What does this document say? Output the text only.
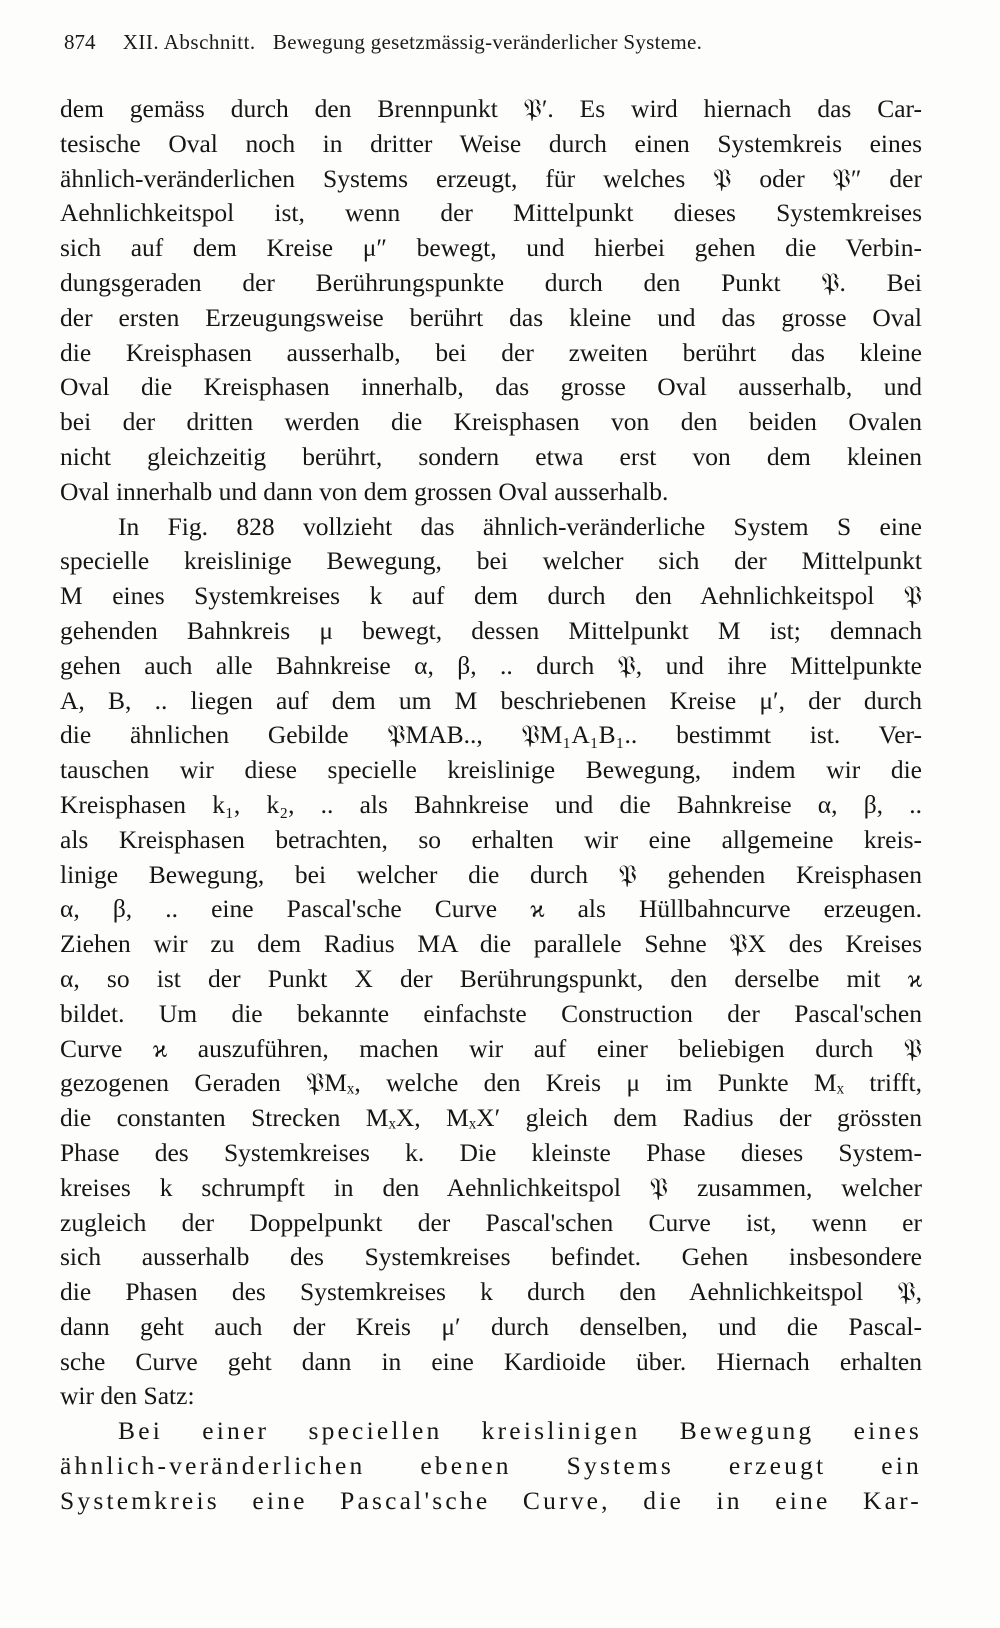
874 XII. Abschnitt. Bewegung gesetzmässig-veränderlicher Systeme.
dem gemäss durch den Brennpunkt 𝔓′. Es wird hiernach das Car-
tesische Oval noch in dritter Weise durch einen Systemkreis eines
ähnlich-veränderlichen Systems erzeugt, für welches 𝔓 oder 𝔓″ der
Aehnlichkeitspol ist, wenn der Mittelpunkt dieses Systemkreises
sich auf dem Kreise μ″ bewegt, und hierbei gehen die Verbin-
dungsgeraden der Berührungspunkte durch den Punkt 𝔓. Bei
der ersten Erzeugungsweise berührt das kleine und das grosse Oval
die Kreisphasen ausserhalb, bei der zweiten berührt das kleine
Oval die Kreisphasen innerhalb, das grosse Oval ausserhalb, und
bei der dritten werden die Kreisphasen von den beiden Ovalen
nicht gleichzeitig berührt, sondern etwa erst von dem kleinen
Oval innerhalb und dann von dem grossen Oval ausserhalb.
In Fig. 828 vollzieht das ähnlich-veränderliche System S eine
specielle kreislinige Bewegung, bei welcher sich der Mittelpunkt
M eines Systemkreises k auf dem durch den Aehnlichkeitspol 𝔓
gehenden Bahnkreis μ bewegt, dessen Mittelpunkt M ist; demnach
gehen auch alle Bahnkreise α, β, .. durch 𝔓, und ihre Mittelpunkte
A, B, .. liegen auf dem um M beschriebenen Kreise μ′, der durch
die ähnlichen Gebilde 𝔓MAB.., 𝔓M₁A₁B₁.. bestimmt ist. Ver-
tauschen wir diese specielle kreislinige Bewegung, indem wir die
Kreisphasen k₁, k₂, .. als Bahnkreise und die Bahnkreise α, β, ..
als Kreisphasen betrachten, so erhalten wir eine allgemeine kreis-
linige Bewegung, bei welcher die durch 𝔓 gehenden Kreisphasen
α, β, .. eine Pascal'sche Curve ϰ als Hüllbahncurve erzeugen.
Ziehen wir zu dem Radius MA die parallele Sehne 𝔓X des Kreises
α, so ist der Punkt X der Berührungspunkt, den derselbe mit ϰ
bildet. Um die bekannte einfachste Construction der Pascal'schen
Curve ϰ auszuführen, machen wir auf einer beliebigen durch 𝔓
gezogenen Geraden 𝔓Mₓ, welche den Kreis μ im Punkte Mₓ trifft,
die constanten Strecken MₓX, MₓX′ gleich dem Radius der grössten
Phase des Systemkreises k. Die kleinste Phase dieses System-
kreises k schrumpft in den Aehnlichkeitspol 𝔓 zusammen, welcher
zugleich der Doppelpunkt der Pascal'schen Curve ist, wenn er
sich ausserhalb des Systemkreises befindet. Gehen insbesondere
die Phasen des Systemkreises k durch den Aehnlichkeitspol 𝔓,
dann geht auch der Kreis μ′ durch denselben, und die Pascal-
sche Curve geht dann in eine Kardioide über. Hiernach erhalten
wir den Satz:
Bei einer speciellen kreislinigen Bewegung eines
ähnlich-veränderlichen ebenen Systems erzeugt ein
Systemkreis eine Pascal'sche Curve, die in eine Kar-
